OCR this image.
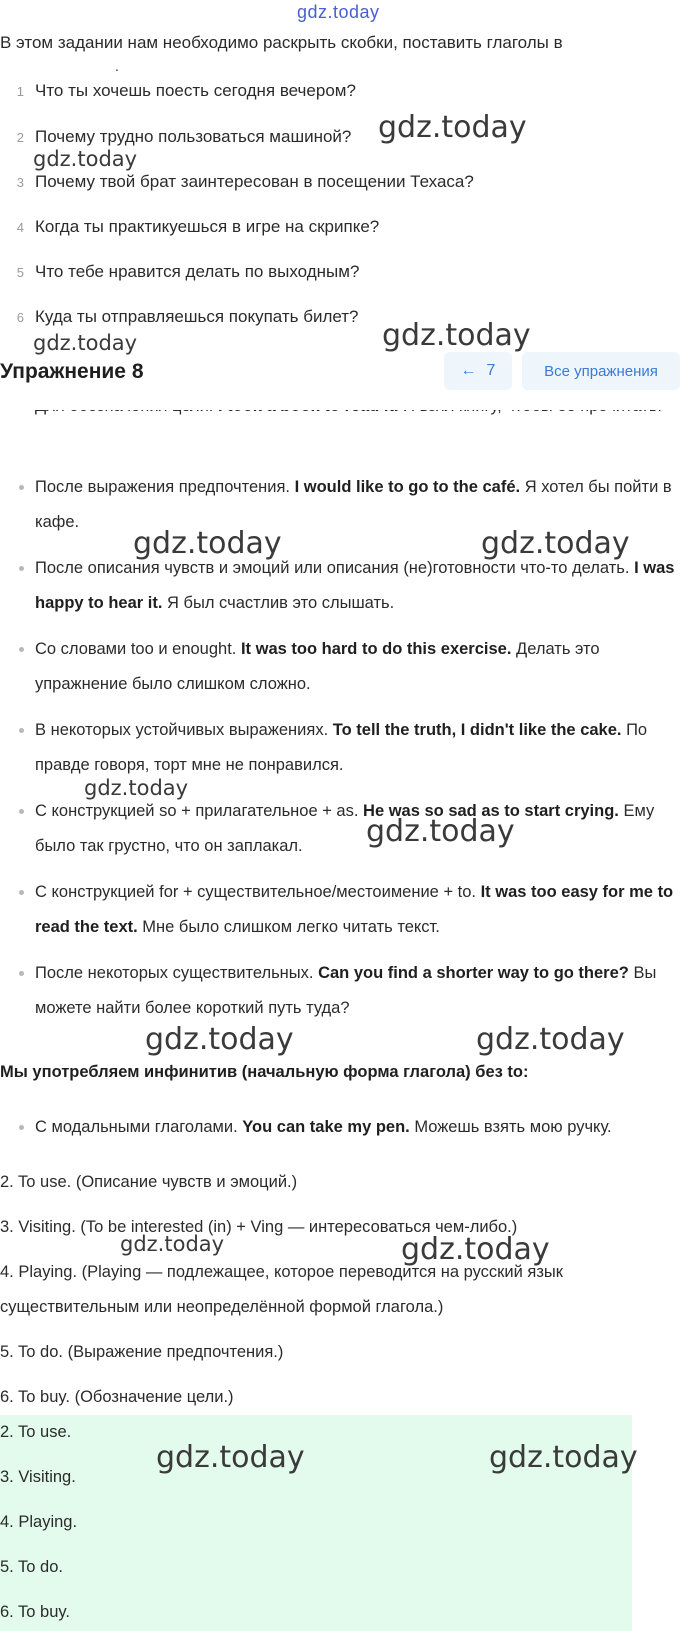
gdz.today
В этом задании нам необходимо раскрыть скобки, поставить глаголы в
.
1 Что ты хочешь поесть сегодня вечером?
2 Почему трудно пользоваться машиной?
3 Почему твой брат заинтересован в посещении Техаса?
4 Когда ты практикуешься в игре на скрипке?
5 Что тебе нравится делать по выходным?
6 Куда ты отправляешься покупать билет?
Упражнение 8	← 7	Все упражнения
После выражения предпочтения. I would like to go to the café. Я хотел бы пойти в кафе.
После описания чувств и эмоций или описания (не)готовности что-то делать. I was happy to hear it. Я был счастлив это слышать.
Со словами too и enought. It was too hard to do this exercise. Делать это упражнение было слишком сложно.
В некоторых устойчивых выражениях. To tell the truth, I didn't like the cake. По правде говоря, торт мне не понравился.
С конструкцией so + прилагательное + as. He was so sad as to start crying. Ему было так грустно, что он заплакал.
С конструкцией for + существительное/местоимение + to. It was too easy for me to read the text. Мне было слишком легко читать текст.
После некоторых существительных. Can you find a shorter way to go there? Вы можете найти более короткий путь туда?
Мы употребляем инфинитив (начальную форма глагола) без to:
С модальными глаголами. You can take my pen. Можешь взять мою ручку.
2. To use. (Описание чувств и эмоций.)
3. Visiting. (To be interested (in) + Ving — интересоваться чем-либо.)
4. Playing. (Playing — подлежащее, которое переводится на русский язык
существительным или неопределённой формой глагола.)
5. To do. (Выражение предпочтения.)
6. To buy. (Обозначение цели.)
2. To use.
3. Visiting.
4. Playing.
5. To do.
6. To buy.
gdz.today
gdz.today
gdz.today	gdz.today
gdz.today	gdz.today
gdz.today
gdz.today
gdz.today	gdz.today
gdz.today	gdz.today
gdz.today	gdz.today
